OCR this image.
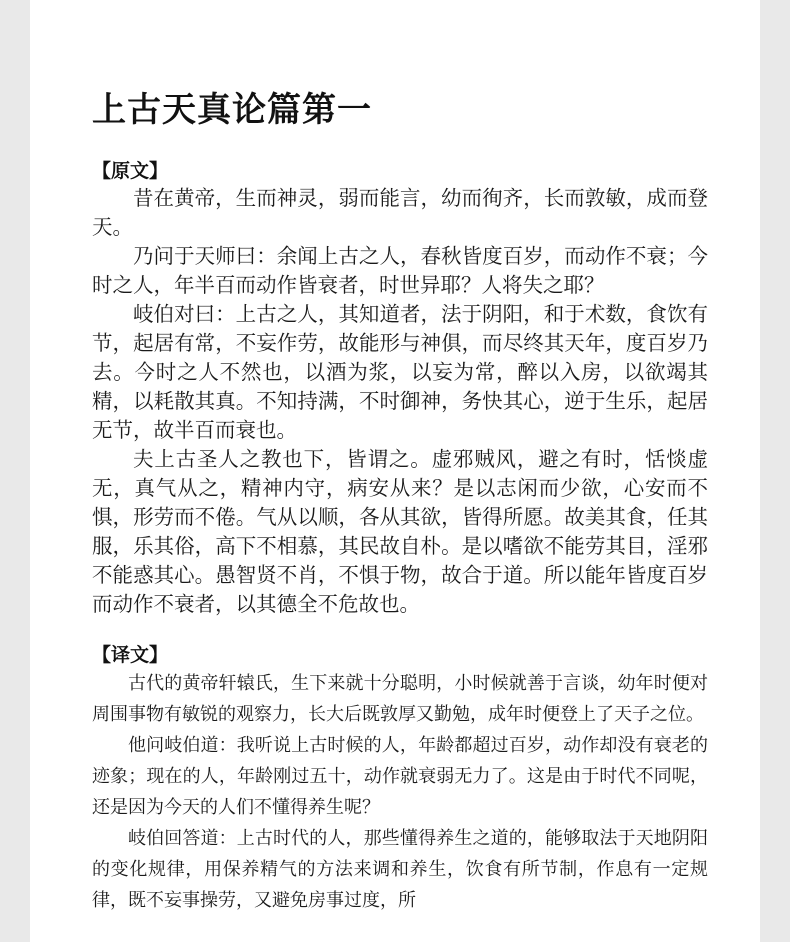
上古天真论篇第一
【原文】

昔在黄帝，生而神灵，弱而能言，幼而徇齐，长而敦敏，成而登天。

乃问于天师曰：余闻上古之人，春秋皆度百岁，而动作不衰；今时之人，年半百而动作皆衰者，时世异耶？人将失之耶？

岐伯对曰：上古之人，其知道者，法于阴阳，和于术数，食饮有节，起居有常，不妄作劳，故能形与神俱，而尽终其天年，度百岁乃去。今时之人不然也，以酒为浆，以妄为常，醉以入房，以欲竭其精，以耗散其真。不知持满，不时御神，务快其心，逆于生乐，起居无节，故半百而衰也。

夫上古圣人之教也下，皆谓之。虚邪贼风，避之有时，恬惔虚无，真气从之，精神内守，病安从来？是以志闲而少欲，心安而不惧，形劳而不倦。气从以顺，各从其欲，皆得所愿。故美其食，任其服，乐其俗，高下不相慕，其民故自朴。是以嗜欲不能劳其目，淫邪不能惑其心。愚智贤不肖，不惧于物，故合于道。所以能年皆度百岁而动作不衰者，以其德全不危故也。

【译文】

古代的黄帝轩辕氏，生下来就十分聪明，小时候就善于言谈，幼年时便对周围事物有敏锐的观察力，长大后既敦厚又勤勉，成年时便登上了天子之位。

他问岐伯道：我听说上古时候的人，年龄都超过百岁，动作却没有衰老的迹象；现在的人，年龄刚过五十，动作就衰弱无力了。这是由于时代不同呢，还是因为今天的人们不懂得养生呢？

岐伯回答道：上古时代的人，那些懂得养生之道的，能够取法于天地阴阳的变化规律，用保养精气的方法来调和养生，饮食有所节制，作息有一定规律，既不妄事操劳，又避免房事过度，所
